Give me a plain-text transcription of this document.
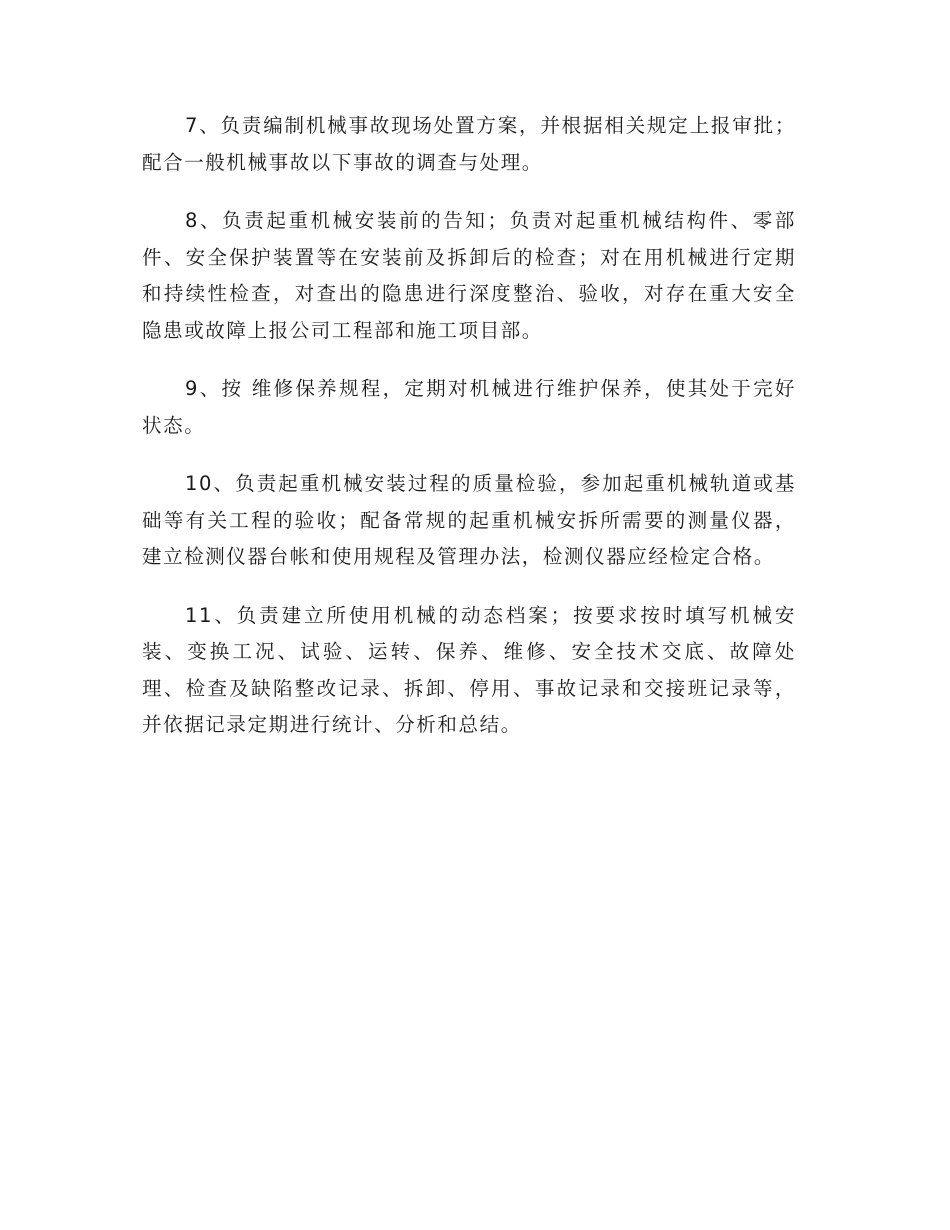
7、负责编制机械事故现场处置方案，并根据相关规定上报审批；配合一般机械事故以下事故的调查与处理。

8、负责起重机械安装前的告知；负责对起重机械结构件、零部件、安全保护装置等在安装前及拆卸后的检查；对在用机械进行定期和持续性检查，对查出的隐患进行深度整治、验收，对存在重大安全隐患或故障上报公司工程部和施工项目部。

9、按 维修保养规程，定期对机械进行维护保养，使其处于完好状态。

10、负责起重机械安装过程的质量检验，参加起重机械轨道或基础等有关工程的验收；配备常规的起重机械安拆所需要的测量仪器，建立检测仪器台帐和使用规程及管理办法，检测仪器应经检定合格。

11、负责建立所使用机械的动态档案；按要求按时填写机械安装、变换工况、试验、运转、保养、维修、安全技术交底、故障处理、检查及缺陷整改记录、拆卸、停用、事故记录和交接班记录等，并依据记录定期进行统计、分析和总结。
